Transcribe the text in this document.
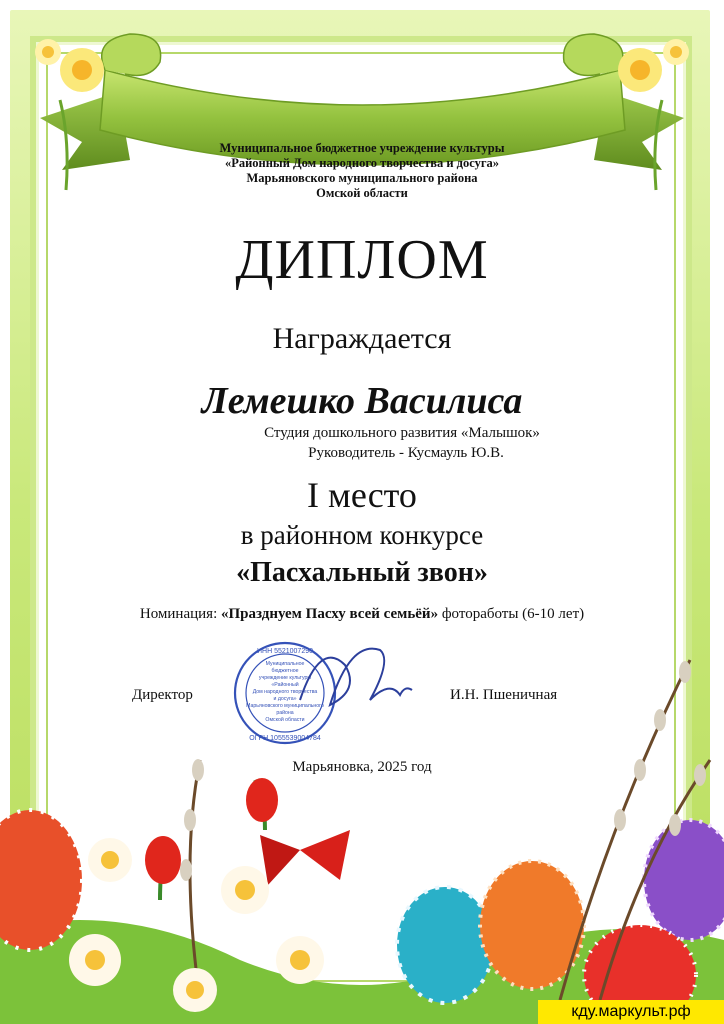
Муниципальное бюджетное учреждение культуры
«Районный Дом народного творчества и досуга»
Марьяновского муниципального района
Омской области
ДИПЛОМ
Награждается
Лемешко Василиса
Студия дошкольного развития «Малышок»
Руководитель - Кусмауль Ю.В.
I место
в районном конкурсе
«Пасхальный звон»
Номинация: «Празднуем Пасху всей семьёй» фотоработы (6-10 лет)
ИНН 5521007290
ОГРН 1055539004784
Муниципальное
бюджетное
учреждение культуры
«Районный
Дом народного творчества
и досуга»
Марьяновского муниципального
района
Омской области
Директор	И.Н. Пшеничная
Марьяновка, 2025 год
кду.маркульт.рф
